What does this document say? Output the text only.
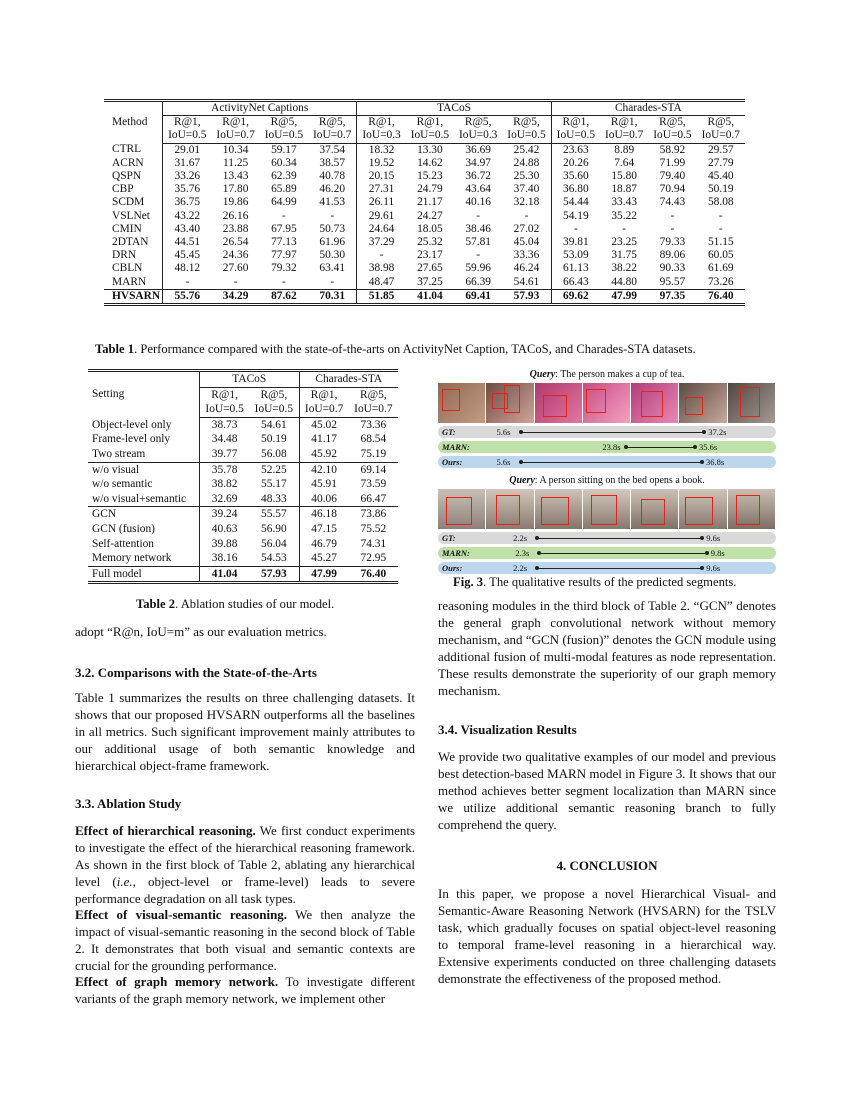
Method	ActivityNet Captions				TACoS				Charades-STA			
	R@1,	R@1,	R@5,	R@5,	R@1,	R@1,	R@5,	R@5,	R@1,	R@1,	R@5,	R@5,
	IoU=0.5	IoU=0.7	IoU=0.5	IoU=0.7	IoU=0.3	IoU=0.5	IoU=0.3	IoU=0.5	IoU=0.5	IoU=0.7	IoU=0.5	IoU=0.7
CTRL	29.01	10.34	59.17	37.54	18.32	13.30	36.69	25.42	23.63	8.89	58.92	29.57
ACRN	31.67	11.25	60.34	38.57	19.52	14.62	34.97	24.88	20.26	7.64	71.99	27.79
QSPN	33.26	13.43	62.39	40.78	20.15	15.23	36.72	25.30	35.60	15.80	79.40	45.40
CBP	35.76	17.80	65.89	46.20	27.31	24.79	43.64	37.40	36.80	18.87	70.94	50.19
SCDM	36.75	19.86	64.99	41.53	26.11	21.17	40.16	32.18	54.44	33.43	74.43	58.08
VSLNet	43.22	26.16	-	-	29.61	24.27	-	-	54.19	35.22	-	-
CMIN	43.40	23.88	67.95	50.73	24.64	18.05	38.46	27.02	-	-	-	-
2DTAN	44.51	26.54	77.13	61.96	37.29	25.32	57.81	45.04	39.81	23.25	79.33	51.15
DRN	45.45	24.36	77.97	50.30	-	23.17	-	33.36	53.09	31.75	89.06	60.05
CBLN	48.12	27.60	79.32	63.41	38.98	27.65	59.96	46.24	61.13	38.22	90.33	61.69
MARN	-	-	-	-	48.47	37.25	66.39	54.61	66.43	44.80	95.57	73.26
HVSARN	55.76	34.29	87.62	70.31	51.85	41.04	69.41	57.93	69.62	47.99	97.35	76.40
Table 1. Performance compared with the state-of-the-arts on ActivityNet Caption, TACoS, and Charades-STA datasets.
Setting	TACoS		Charades-STA	
	R@1,	R@5,	R@1,	R@5,
	IoU=0.5	IoU=0.5	IoU=0.7	IoU=0.7
Object-level only	38.73	54.61	45.02	73.36
Frame-level only	34.48	50.19	41.17	68.54
Two stream	39.77	56.08	45.92	75.19
w/o visual	35.78	52.25	42.10	69.14
w/o semantic	38.82	55.17	45.91	73.59
w/o visual+semantic	32.69	48.33	40.06	66.47
GCN	39.24	55.57	46.18	73.86
GCN (fusion)	40.63	56.90	47.15	75.52
Self-attention	39.88	56.04	46.79	74.31
Memory network	38.16	54.53	45.27	72.95
Full model	41.04	57.93	47.99	76.40
Table 2. Ablation studies of our model.
adopt “R@n, IoU=m” as our evaluation metrics.
3.2. Comparisons with the State-of-the-Arts
Table 1 summarizes the results on three challenging datasets. It shows that our proposed HVSARN outperforms all the baselines in all metrics. Such significant improvement mainly attributes to our additional usage of both semantic knowledge and hierarchical object-frame framework.
3.3. Ablation Study
Effect of hierarchical reasoning. We first conduct experiments to investigate the effect of the hierarchical reasoning framework. As shown in the first block of Table 2, ablating any hierarchical level (i.e., object-level or frame-level) leads to severe performance degradation on all task types.
Effect of visual-semantic reasoning. We then analyze the impact of visual-semantic reasoning in the second block of Table 2. It demonstrates that both visual and semantic contexts are crucial for the grounding performance.
Effect of graph memory network. To investigate different variants of the graph memory network, we implement other
Query: The person makes a cup of tea.
GT:	5.6s	37.2s
MARN:	23.8s	35.6s
Ours:	5.6s	36.8s
Query: A person sitting on the bed opens a book.
GT:	2.2s	9.6s
MARN:	2.3s	9.8s
Ours:	2.2s	9.6s
Fig. 3. The qualitative results of the predicted segments.
reasoning modules in the third block of Table 2. “GCN” denotes the general graph convolutional network without memory mechanism, and “GCN (fusion)” denotes the GCN module using additional fusion of multi-modal features as node representation. These results demonstrate the superiority of our graph memory mechanism.
3.4. Visualization Results
We provide two qualitative examples of our model and previous best detection-based MARN model in Figure 3. It shows that our method achieves better segment localization than MARN since we utilize additional semantic reasoning branch to fully comprehend the query.
4. CONCLUSION
In this paper, we propose a novel Hierarchical Visual- and Semantic-Aware Reasoning Network (HVSARN) for the TSLV task, which gradually focuses on spatial object-level reasoning to temporal frame-level reasoning in a hierarchical way. Extensive experiments conducted on three challenging datasets demonstrate the effectiveness of the proposed method.
